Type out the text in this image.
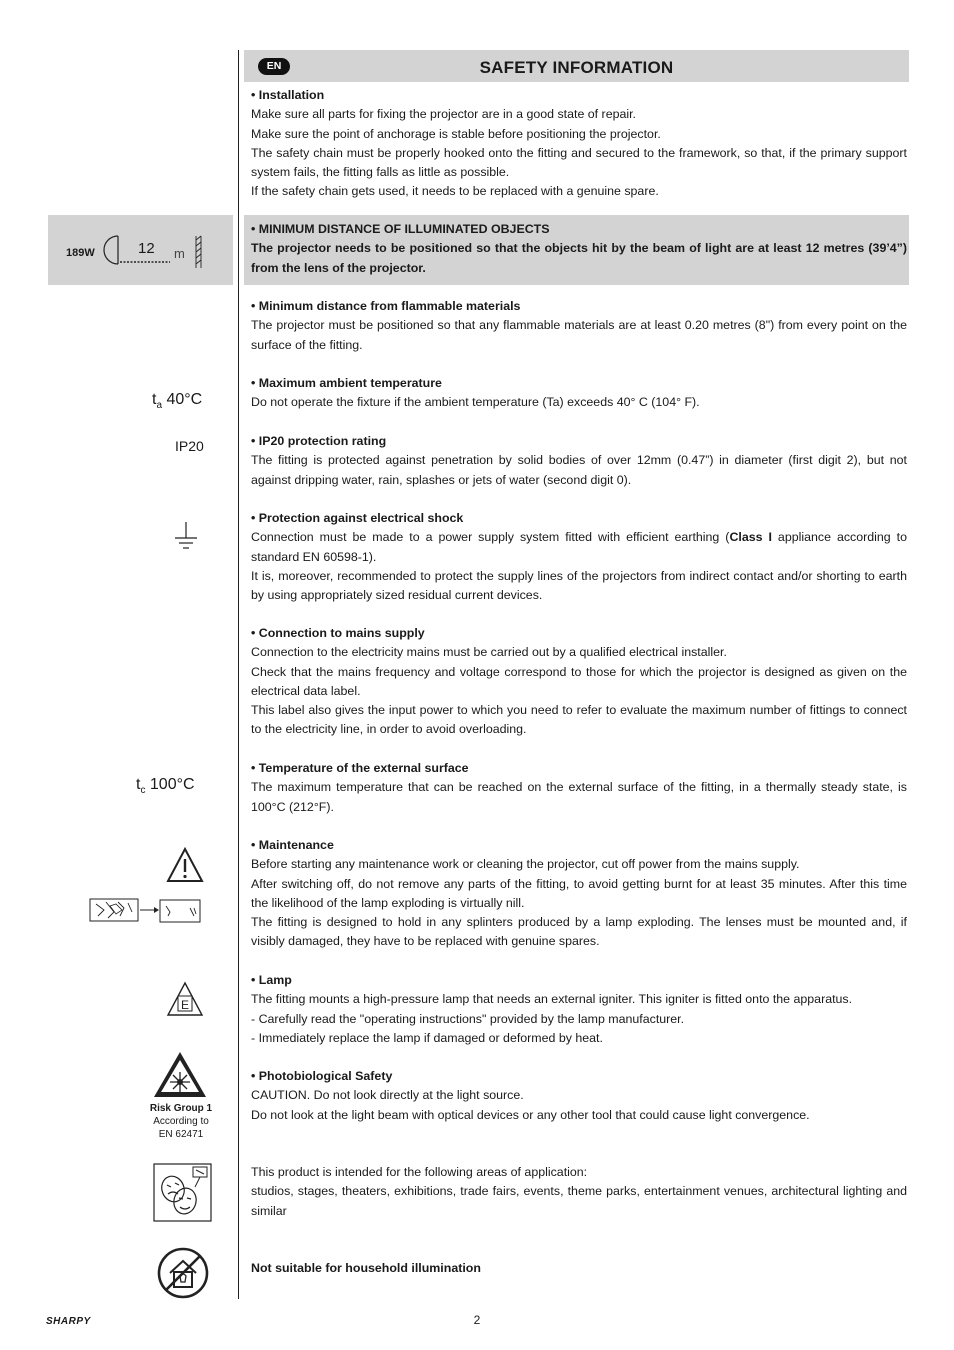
EN	SAFETY INFORMATION

• Installation

Make sure all parts for fixing the projector are in a good state of repair.

Make sure the point of anchorage is stable before positioning the projector.

The safety chain must be properly hooked onto the fitting and secured to the framework, so that, if the primary support system fails, the fitting falls as little as possible.

If the safety chain gets used, it needs to be replaced with a genuine spare.

• MINIMUM DISTANCE OF ILLUMINATED OBJECTS

The projector needs to be positioned so that the objects hit by the beam of light are at least 12 metres (39’4”) from the lens of the projector.

• Minimum distance from flammable materials

The projector must be positioned so that any flammable materials are at least 0.20 metres (8") from every point on the surface of the fitting.

• Maximum ambient temperature

Do not operate the fixture if the ambient temperature (Ta) exceeds 40° C (104° F).

• IP20 protection rating

The fitting is protected against penetration by solid bodies of over 12mm (0.47”) in diameter (first digit 2), but not against dripping water, rain, splashes or jets of water (second digit 0).

• Protection against electrical shock

Connection must be made to a power supply system fitted with efficient earthing (Class I appliance according to standard EN 60598-1).

It is, moreover, recommended to protect the supply lines of the projectors from indirect contact and/or shorting to earth by using appropriately sized residual current devices.

• Connection to mains supply

Connection to the electricity mains must be carried out by a qualified electrical installer.

Check that the mains frequency and voltage correspond to those for which the projector is designed as given on the electrical data label.

This label also gives the input power to which you need to refer to evaluate the maximum number of fittings to connect to the electricity line, in order to avoid overloading.

• Temperature of the external surface

The maximum temperature that can be reached on the external surface of the fitting, in a thermally steady state, is 100°C (212°F).

• Maintenance

Before starting any maintenance work or cleaning the projector, cut off power from the mains supply.

After switching off, do not remove any parts of the fitting, to avoid getting burnt for at least 35 minutes. After this time the likelihood of the lamp exploding is virtually nill.

The fitting is designed to hold in any splinters produced by a lamp exploding. The lenses must be mounted and, if visibly damaged, they have to be replaced with genuine spares.

• Lamp

The fitting mounts a high-pressure lamp that needs an external igniter. This igniter is fitted onto the apparatus.

- Carefully read the "operating instructions" provided by the lamp manufacturer.

- Immediately replace the lamp if damaged or deformed by heat.

• Photobiological Safety

CAUTION. Do not look directly at the light source.

Do not look at the light beam with optical devices or any other tool that could cause light convergence.

This product is intended for the following areas of application:

studios, stages, theaters, exhibitions, trade fairs, events, theme parks, entertainment venues, architectural lighting and similar

Not suitable for household illumination

189W	12 m
$t_a$ 40°C
IP20
$t_c$ 100°C
E
Risk Group 1
According to
EN 62471
SHARPY	2
